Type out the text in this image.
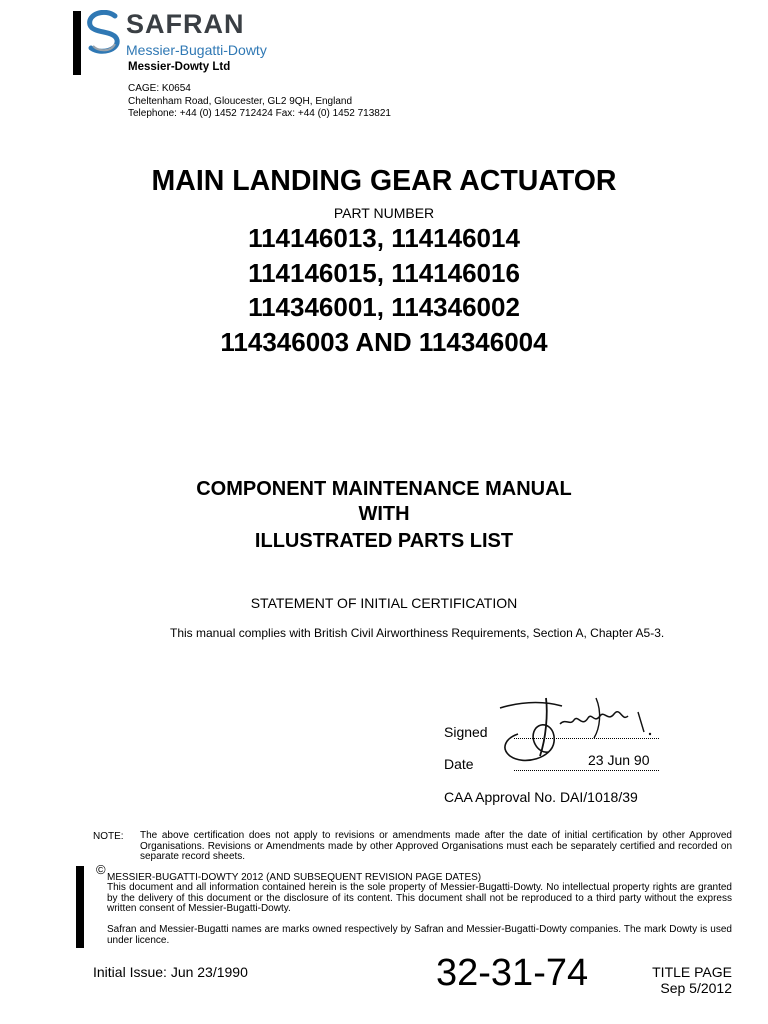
SAFRAN
Messier-Bugatti-Dowty
Messier-Dowty Ltd
CAGE: K0654
Cheltenham Road, Gloucester, GL2 9QH, England
Telephone: +44 (0) 1452 712424 Fax: +44 (0) 1452 713821
MAIN LANDING GEAR ACTUATOR
PART NUMBER
114146013, 114146014
114146015, 114146016
114346001, 114346002
114346003 AND 114346004
COMPONENT MAINTENANCE MANUAL
WITH
ILLUSTRATED PARTS LIST
STATEMENT OF INITIAL CERTIFICATION
This manual complies with British Civil Airworthiness Requirements, Section A, Chapter A5-3.
Signed
Date	23 Jun 90
CAA Approval No. DAI/1018/39
NOTE: The above certification does not apply to revisions or amendments made after the date of initial certification by other Approved Organisations. Revisions or Amendments made by other Approved Organisations must each be separately certified and recorded on separate record sheets.
©
MESSIER-BUGATTI-DOWTY 2012 (AND SUBSEQUENT REVISION PAGE DATES)
This document and all information contained herein is the sole property of Messier-Bugatti-Dowty. No intellectual property rights are granted by the delivery of this document or the disclosure of its content. This document shall not be reproduced to a third party without the express written consent of Messier-Bugatti-Dowty.
Safran and Messier-Bugatti names are marks owned respectively by Safran and Messier-Bugatti-Dowty companies. The mark Dowty is used under licence.
Initial Issue: Jun 23/1990	32-31-74	TITLE PAGE
Sep 5/2012
